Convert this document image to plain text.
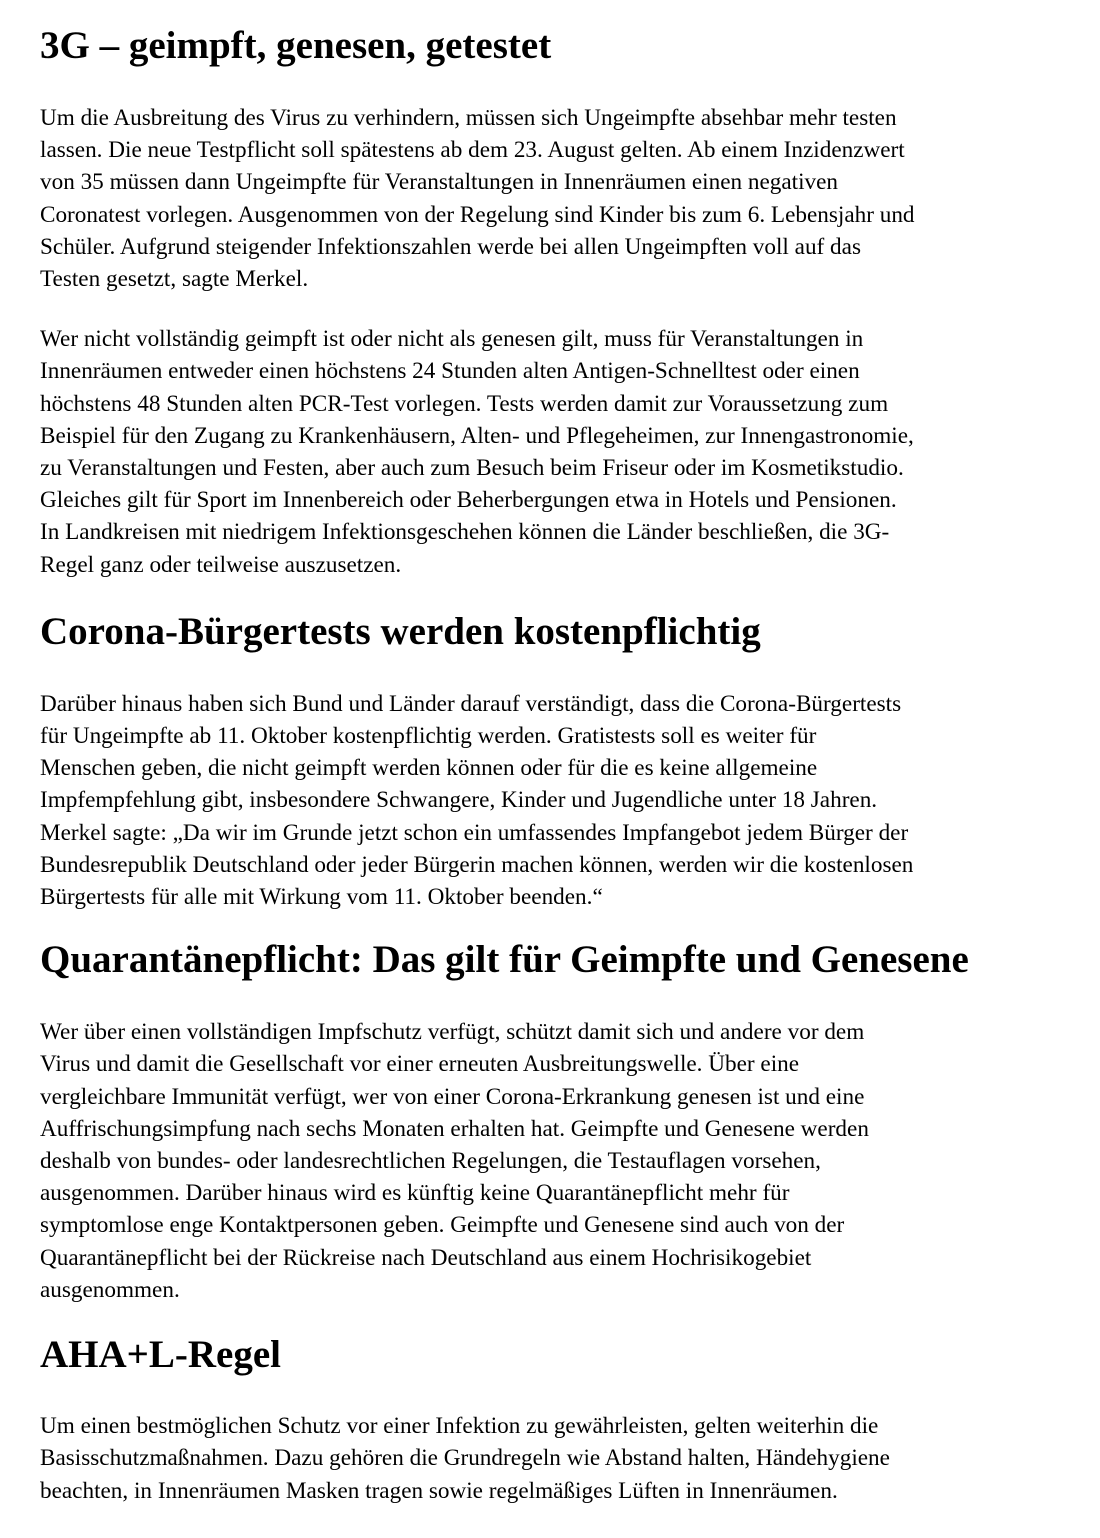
3G – geimpft, genesen, getestet

Um die Ausbreitung des Virus zu verhindern, müssen sich Ungeimpfte absehbar mehr testen
lassen. Die neue Testpflicht soll spätestens ab dem 23. August gelten. Ab einem Inzidenzwert
von 35 müssen dann Ungeimpfte für Veranstaltungen in Innenräumen einen negativen
Coronatest vorlegen. Ausgenommen von der Regelung sind Kinder bis zum 6. Lebensjahr und
Schüler. Aufgrund steigender Infektionszahlen werde bei allen Ungeimpften voll auf das
Testen gesetzt, sagte Merkel.

Wer nicht vollständig geimpft ist oder nicht als genesen gilt, muss für Veranstaltungen in
Innenräumen entweder einen höchstens 24 Stunden alten Antigen-Schnelltest oder einen
höchstens 48 Stunden alten PCR-Test vorlegen. Tests werden damit zur Voraussetzung zum
Beispiel für den Zugang zu Krankenhäusern, Alten- und Pflegeheimen, zur Innengastronomie,
zu Veranstaltungen und Festen, aber auch zum Besuch beim Friseur oder im Kosmetikstudio.
Gleiches gilt für Sport im Innenbereich oder Beherbergungen etwa in Hotels und Pensionen.
In Landkreisen mit niedrigem Infektionsgeschehen können die Länder beschließen, die 3G-
Regel ganz oder teilweise auszusetzen.

Corona-Bürgertests werden kostenpflichtig

Darüber hinaus haben sich Bund und Länder darauf verständigt, dass die Corona-Bürgertests
für Ungeimpfte ab 11. Oktober kostenpflichtig werden. Gratistests soll es weiter für
Menschen geben, die nicht geimpft werden können oder für die es keine allgemeine
Impfempfehlung gibt, insbesondere Schwangere, Kinder und Jugendliche unter 18 Jahren.
Merkel sagte: „Da wir im Grunde jetzt schon ein umfassendes Impfangebot jedem Bürger der
Bundesrepublik Deutschland oder jeder Bürgerin machen können, werden wir die kostenlosen
Bürgertests für alle mit Wirkung vom 11. Oktober beenden.“

Quarantänepflicht: Das gilt für Geimpfte und Genesene

Wer über einen vollständigen Impfschutz verfügt, schützt damit sich und andere vor dem
Virus und damit die Gesellschaft vor einer erneuten Ausbreitungswelle. Über eine
vergleichbare Immunität verfügt, wer von einer Corona-Erkrankung genesen ist und eine
Auffrischungsimpfung nach sechs Monaten erhalten hat. Geimpfte und Genesene werden
deshalb von bundes- oder landesrechtlichen Regelungen, die Testauflagen vorsehen,
ausgenommen. Darüber hinaus wird es künftig keine Quarantänepflicht mehr für
symptomlose enge Kontaktpersonen geben. Geimpfte und Genesene sind auch von der
Quarantänepflicht bei der Rückreise nach Deutschland aus einem Hochrisikogebiet
ausgenommen.

AHA+L-Regel

Um einen bestmöglichen Schutz vor einer Infektion zu gewährleisten, gelten weiterhin die
Basisschutzmaßnahmen. Dazu gehören die Grundregeln wie Abstand halten, Händehygiene
beachten, in Innenräumen Masken tragen sowie regelmäßiges Lüften in Innenräumen.
